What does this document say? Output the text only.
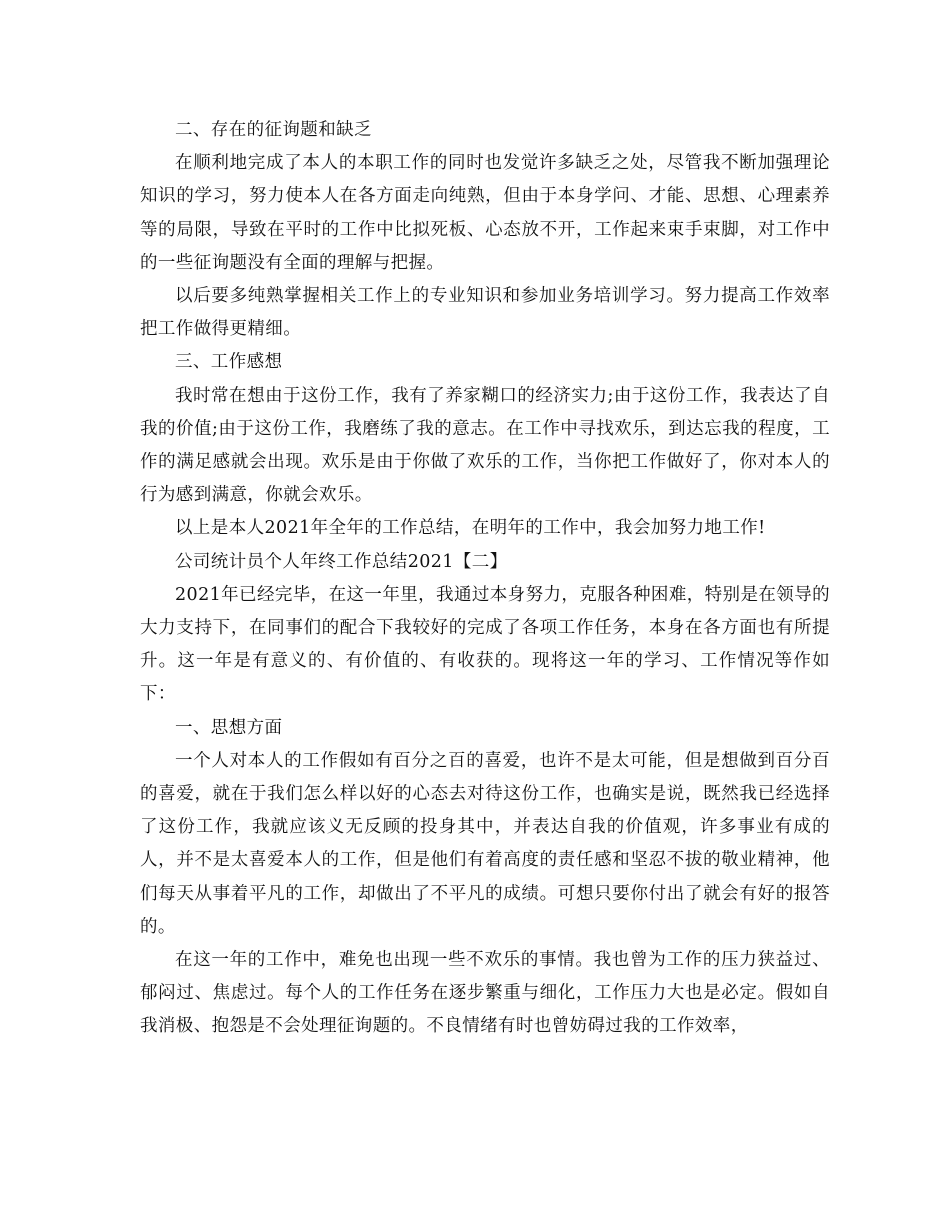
二、存在的征询题和缺乏

在顺利地完成了本人的本职工作的同时也发觉许多缺乏之处，尽管我不断加强理论知识的学习，努力使本人在各方面走向纯熟，但由于本身学问、才能、思想、心理素养等的局限，导致在平时的工作中比拟死板、心态放不开，工作起来束手束脚，对工作中的一些征询题没有全面的理解与把握。

以后要多纯熟掌握相关工作上的专业知识和参加业务培训学习。努力提高工作效率把工作做得更精细。

三、工作感想

我时常在想由于这份工作，我有了养家糊口的经济实力;由于这份工作，我表达了自我的价值;由于这份工作，我磨练了我的意志。在工作中寻找欢乐，到达忘我的程度，工作的满足感就会出现。欢乐是由于你做了欢乐的工作，当你把工作做好了，你对本人的行为感到满意，你就会欢乐。

以上是本人2021年全年的工作总结，在明年的工作中，我会加努力地工作!

公司统计员个人年终工作总结2021【二】

2021年已经完毕，在这一年里，我通过本身努力，克服各种困难，特别是在领导的大力支持下，在同事们的配合下我较好的完成了各项工作任务，本身在各方面也有所提升。这一年是有意义的、有价值的、有收获的。现将这一年的学习、工作情况等作如下：

一、思想方面

一个人对本人的工作假如有百分之百的喜爱，也许不是太可能，但是想做到百分百的喜爱，就在于我们怎么样以好的心态去对待这份工作，也确实是说，既然我已经选择了这份工作，我就应该义无反顾的投身其中，并表达自我的价值观，许多事业有成的人，并不是太喜爱本人的工作，但是他们有着高度的责任感和坚忍不拔的敬业精神，他们每天从事着平凡的工作，却做出了不平凡的成绩。可想只要你付出了就会有好的报答的。

在这一年的工作中，难免也出现一些不欢乐的事情。我也曾为工作的压力狭益过、郁闷过、焦虑过。每个人的工作任务在逐步繁重与细化，工作压力大也是必定。假如自我消极、抱怨是不会处理征询题的。不良情绪有时也曾妨碍过我的工作效率，
